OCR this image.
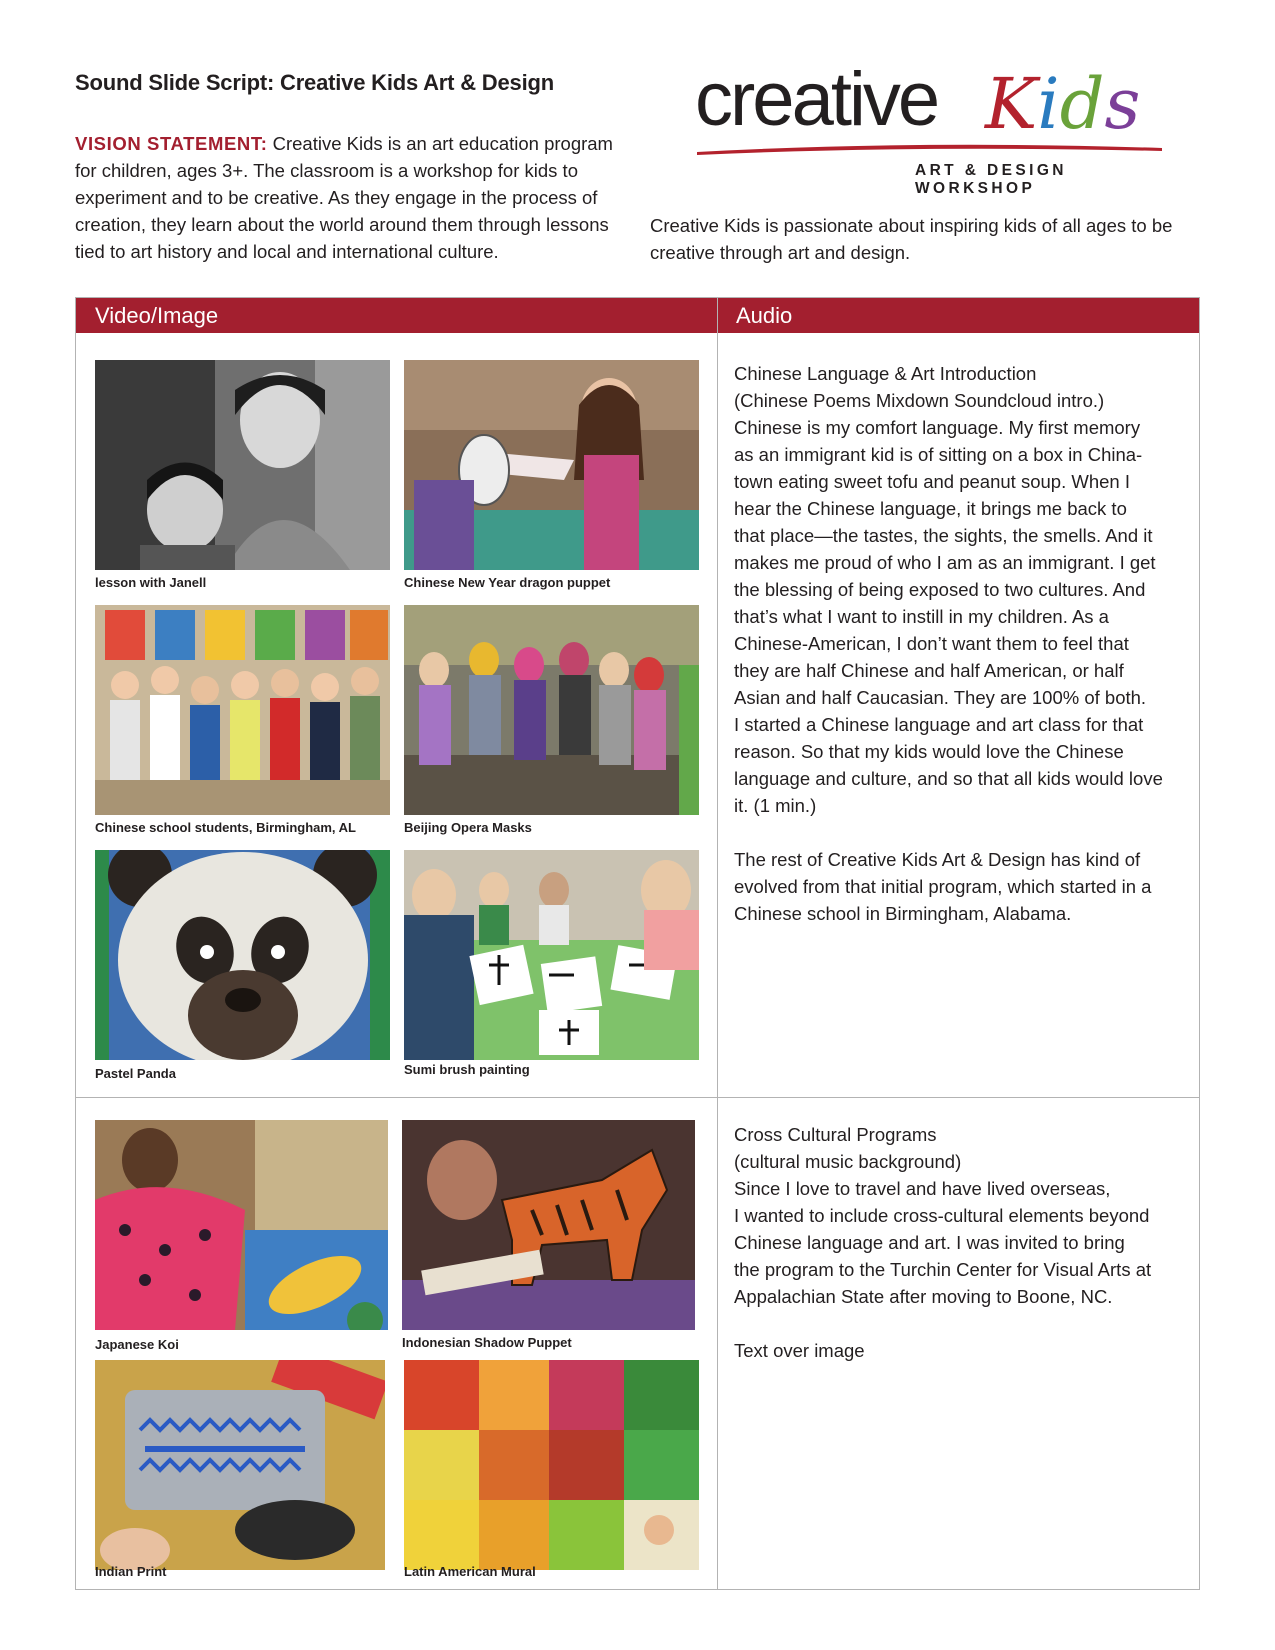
Sound Slide Script: Creative Kids Art & Design
VISION STATEMENT: Creative Kids is an art education program for children, ages 3+. The classroom is a workshop for kids to experiment and to be creative. As they engage in the process of creation, they learn about the world around them through lessons tied to art history and local and international culture.
Creative Kids is passionate about inspiring kids of all ages to be creative through art and design.
creative Kids
ART & DESIGN WORKSHOP
Video/Image	Audio
lesson with Janell	Chinese New Year dragon puppet
Chinese school students, Birmingham, AL	Beijing Opera Masks
Pastel Panda	Sumi brush painting

Chinese Language & Art Introduction

(Chinese Poems Mixdown Soundcloud intro.)

Chinese is my comfort language. My first memory

as an immigrant kid is of sitting on a box in China-

town eating sweet tofu and peanut soup. When I

hear the Chinese language, it brings me back to

that place—the tastes, the sights, the smells. And it

makes me proud of who I am as an immigrant. I get

the blessing of being exposed to two cultures. And

that’s what I want to instill in my children. As a

Chinese-American, I don’t want them to feel that

they are half Chinese and half American, or half

Asian and half Caucasian. They are 100% of both.

I started a Chinese language and art class for that

reason. So that my kids would love the Chinese

language and culture, and so that all kids would love

it. (1 min.)

The rest of Creative Kids Art & Design has kind of

evolved from that initial program, which started in a

Chinese school in Birmingham, Alabama.

Japanese Koi	Indonesian Shadow Puppet
Indian Print	Latin American Mural

Cross Cultural Programs

(cultural music background)

Since I love to travel and have lived overseas,

I wanted to include cross-cultural elements beyond

Chinese language and art. I was invited to bring

the program to the Turchin Center for Visual Arts at

Appalachian State after moving to Boone, NC.

Text over image
